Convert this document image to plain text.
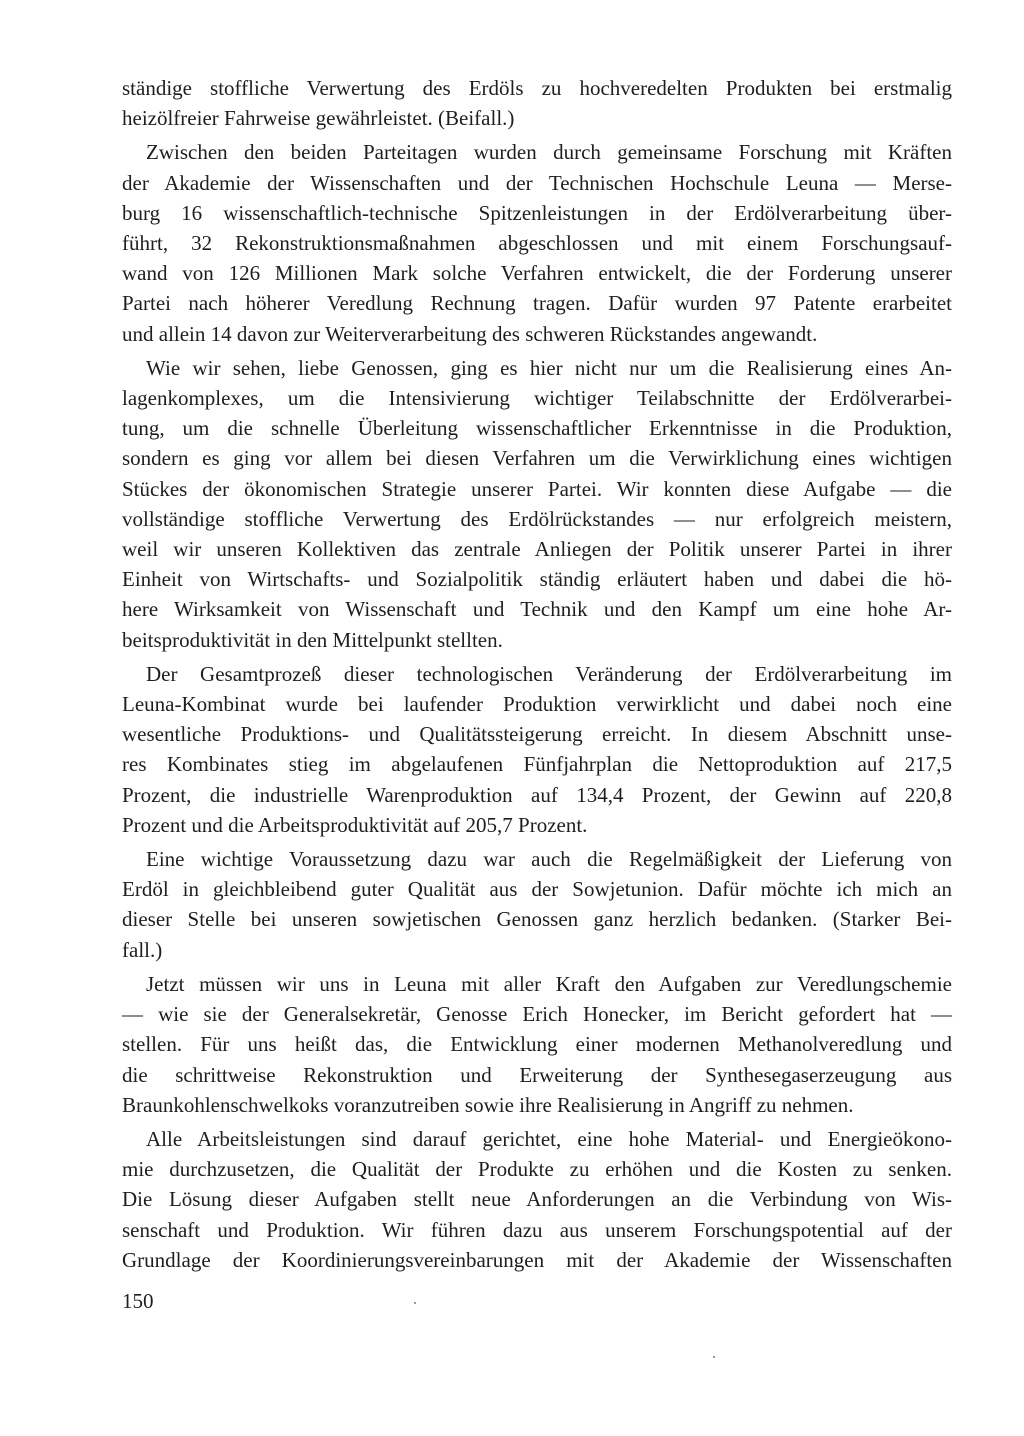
ständige stoffliche Verwertung des Erdöls zu hochveredelten Produkten bei erstmalig
heizölfreier Fahrweise gewährleistet. (Beifall.)
Zwischen den beiden Parteitagen wurden durch gemeinsame Forschung mit Kräften
der Akademie der Wissenschaften und der Technischen Hochschule Leuna — Merse-
burg 16 wissenschaftlich-technische Spitzenleistungen in der Erdölverarbeitung über-
führt, 32 Rekonstruktionsmaßnahmen abgeschlossen und mit einem Forschungsauf-
wand von 126 Millionen Mark solche Verfahren entwickelt, die der Forderung unserer
Partei nach höherer Veredlung Rechnung tragen. Dafür wurden 97 Patente erarbeitet
und allein 14 davon zur Weiterverarbeitung des schweren Rückstandes angewandt.
Wie wir sehen, liebe Genossen, ging es hier nicht nur um die Realisierung eines An-
lagenkomplexes, um die Intensivierung wichtiger Teilabschnitte der Erdölverarbei-
tung, um die schnelle Überleitung wissenschaftlicher Erkenntnisse in die Produktion,
sondern es ging vor allem bei diesen Verfahren um die Verwirklichung eines wichtigen
Stückes der ökonomischen Strategie unserer Partei. Wir konnten diese Aufgabe — die
vollständige stoffliche Verwertung des Erdölrückstandes — nur erfolgreich meistern,
weil wir unseren Kollektiven das zentrale Anliegen der Politik unserer Partei in ihrer
Einheit von Wirtschafts- und Sozialpolitik ständig erläutert haben und dabei die hö-
here Wirksamkeit von Wissenschaft und Technik und den Kampf um eine hohe Ar-
beitsproduktivität in den Mittelpunkt stellten.
Der Gesamtprozeß dieser technologischen Veränderung der Erdölverarbeitung im
Leuna-Kombinat wurde bei laufender Produktion verwirklicht und dabei noch eine
wesentliche Produktions- und Qualitätssteigerung erreicht. In diesem Abschnitt unse-
res Kombinates stieg im abgelaufenen Fünfjahrplan die Nettoproduktion auf 217,5
Prozent, die industrielle Warenproduktion auf 134,4 Prozent, der Gewinn auf 220,8
Prozent und die Arbeitsproduktivität auf 205,7 Prozent.
Eine wichtige Voraussetzung dazu war auch die Regelmäßigkeit der Lieferung von
Erdöl in gleichbleibend guter Qualität aus der Sowjetunion. Dafür möchte ich mich an
dieser Stelle bei unseren sowjetischen Genossen ganz herzlich bedanken. (Starker Bei-
fall.)
Jetzt müssen wir uns in Leuna mit aller Kraft den Aufgaben zur Veredlungschemie
— wie sie der Generalsekretär, Genosse Erich Honecker, im Bericht gefordert hat —
stellen. Für uns heißt das, die Entwicklung einer modernen Methanolveredlung und
die schrittweise Rekonstruktion und Erweiterung der Synthesegaserzeugung aus
Braunkohlenschwelkoks voranzutreiben sowie ihre Realisierung in Angriff zu nehmen.
Alle Arbeitsleistungen sind darauf gerichtet, eine hohe Material- und Energieökono-
mie durchzusetzen, die Qualität der Produkte zu erhöhen und die Kosten zu senken.
Die Lösung dieser Aufgaben stellt neue Anforderungen an die Verbindung von Wis-
senschaft und Produktion. Wir führen dazu aus unserem Forschungspotential auf der
Grundlage der Koordinierungsvereinbarungen mit der Akademie der Wissenschaften
150
